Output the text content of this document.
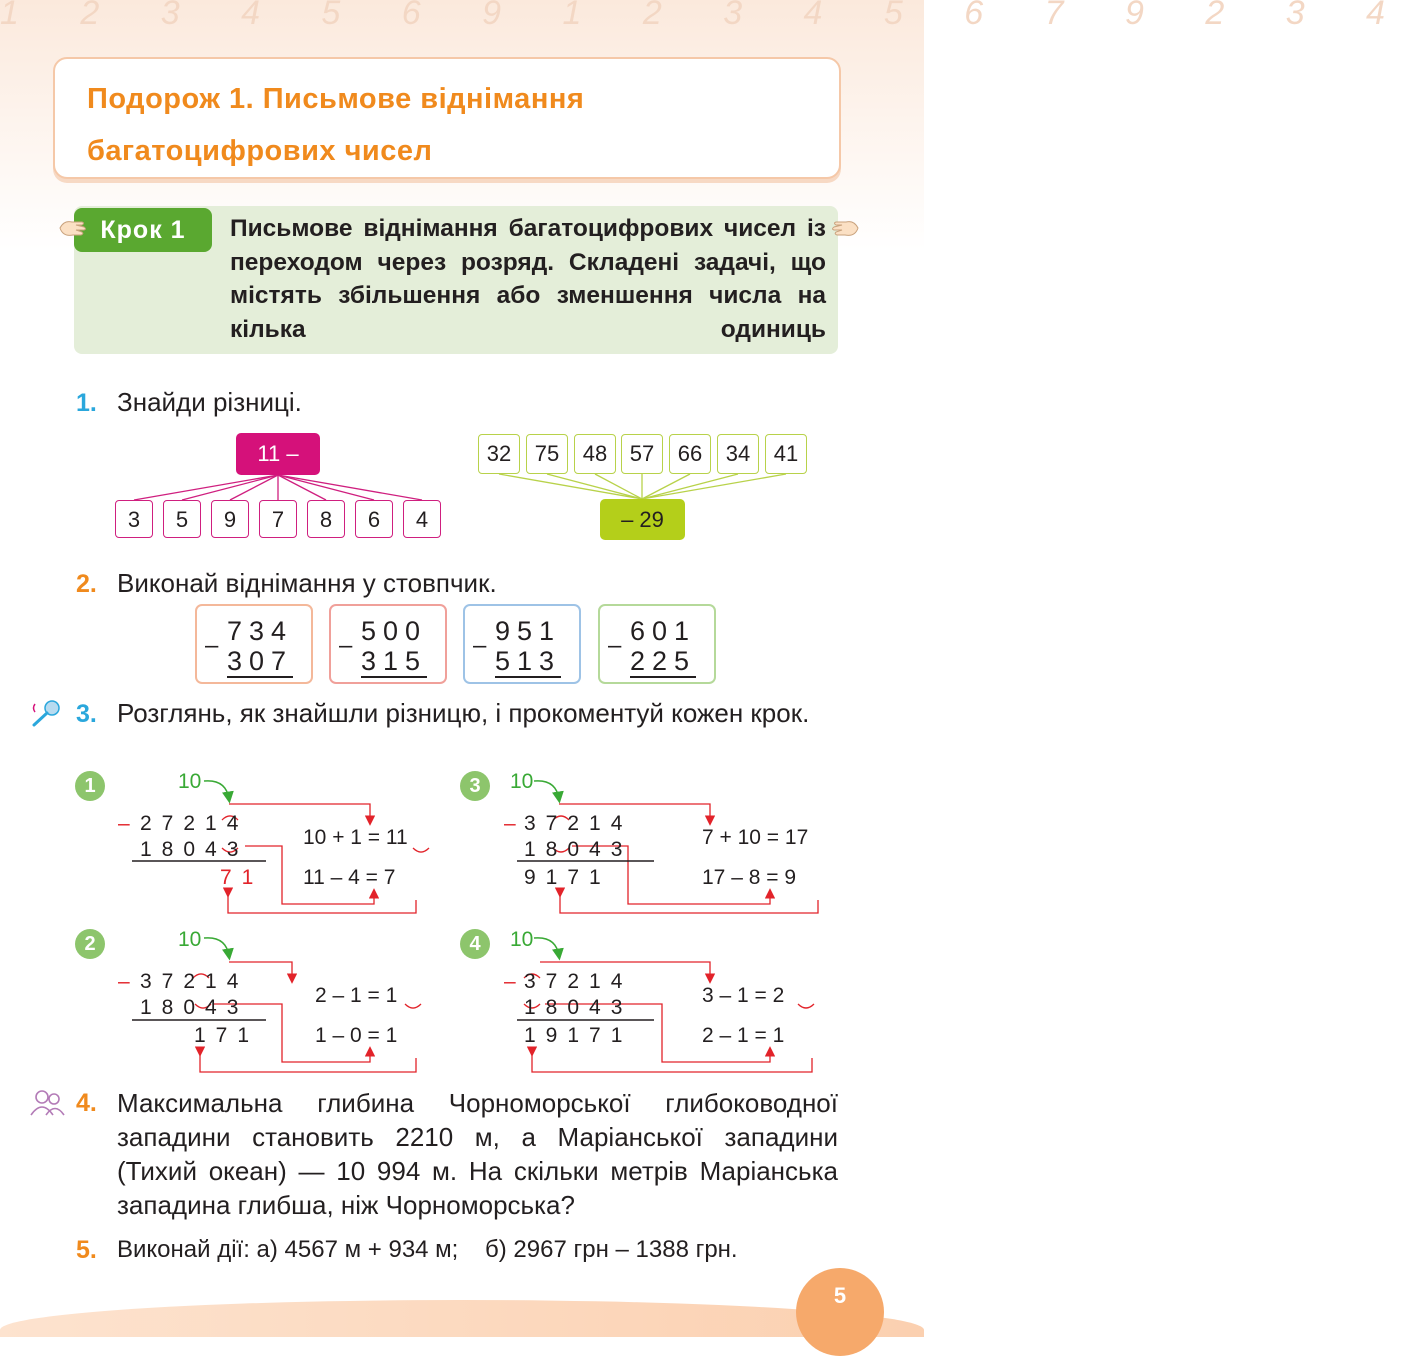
1 2 3 4 5 6 9 1 2 3 4 5 6 7 9 2 3 4
Подорож 1. Письмове віднімання
багатоцифрових чисел
Крок 1	Письмове віднімання багатоцифрових чисел із переходом через розряд. Складені задачі, що містять збільшення або зменшення числа на кілька одиниць
1. Знайди різниці.
11 –
3	5	9	7	8	6	4
32	75	48	57	66	34	41
– 29
2. Виконай віднімання у стовпчик.
– 734
307
– 500
315
– 951
513
– 601
225
3. Розглянь, як знайшли різницю, і прокоментуй кожен крок.
1	10
– 27214
18043
71
10 + 1 = 11
11 – 4 = 7
3	10
– 37214
18043
9171
7 + 10 = 17
17 – 8 = 9
2	10
– 37214
18043
171
2 – 1 = 1
1 – 0 = 1
4	10
– 37214
18043
19171
3 – 1 = 2
2 – 1 = 1
4. Максимальна глибина Чорноморської глибоководної западини становить 2210 м, а Маріанської западини (Тихий океан) — 10 994 м. На скільки метрів Маріанська западина глибша, ніж Чорноморська?
5. Виконай дії: а) 4567 м + 934 м;    б) 2967 грн – 1388 грн.
5
